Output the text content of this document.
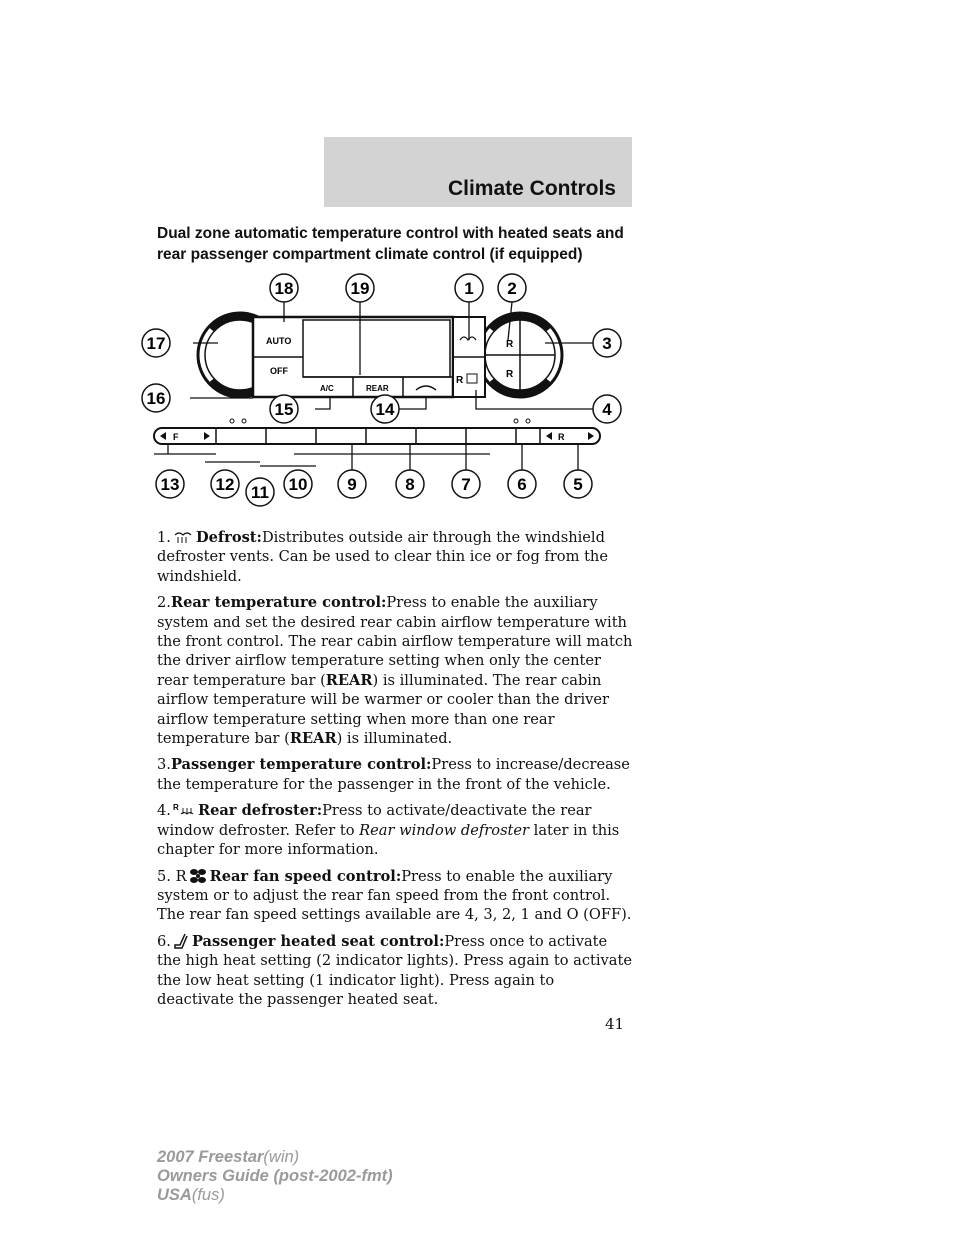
Climate Controls
Dual zone automatic temperature control with heated seats and
rear passenger compartment climate control (if equipped)
R
R
AUTO
OFF
A/C	REAR
R
F	R
18	19	1 2
17	3
16
15	14	4
13 12 11 10 9	8	7	6	5

1. Defrost:Distributes outside air through the windshield defroster vents. Can be used to clear thin ice or fog from the windshield.

2.Rear temperature control:Press to enable the auxiliary system and set the desired rear cabin airflow temperature with the front control. The rear cabin airflow temperature will match the driver airflow temperature setting when only the center rear temperature bar (REAR) is illuminated. The rear cabin airflow temperature will be warmer or cooler than the driver airflow temperature setting when more than one rear temperature bar (REAR) is illuminated.

3.Passenger temperature control:Press to increase/decrease the temperature for the passenger in the front of the vehicle.

4. R Rear defroster:Press to activate/deactivate the rear window defroster. Refer to Rear window defroster later in this chapter for more information.

5. R Rear fan speed control:Press to enable the auxiliary system or to adjust the rear fan speed from the front control. The rear fan speed settings available are 4, 3, 2, 1 and O (OFF).

6. Passenger heated seat control:Press once to activate the high heat setting (2 indicator lights). Press again to activate the low heat setting (1 indicator light). Press again to deactivate the passenger heated seat.

41
2007 Freestar(win)
Owners Guide (post-2002-fmt)
USA(fus)
